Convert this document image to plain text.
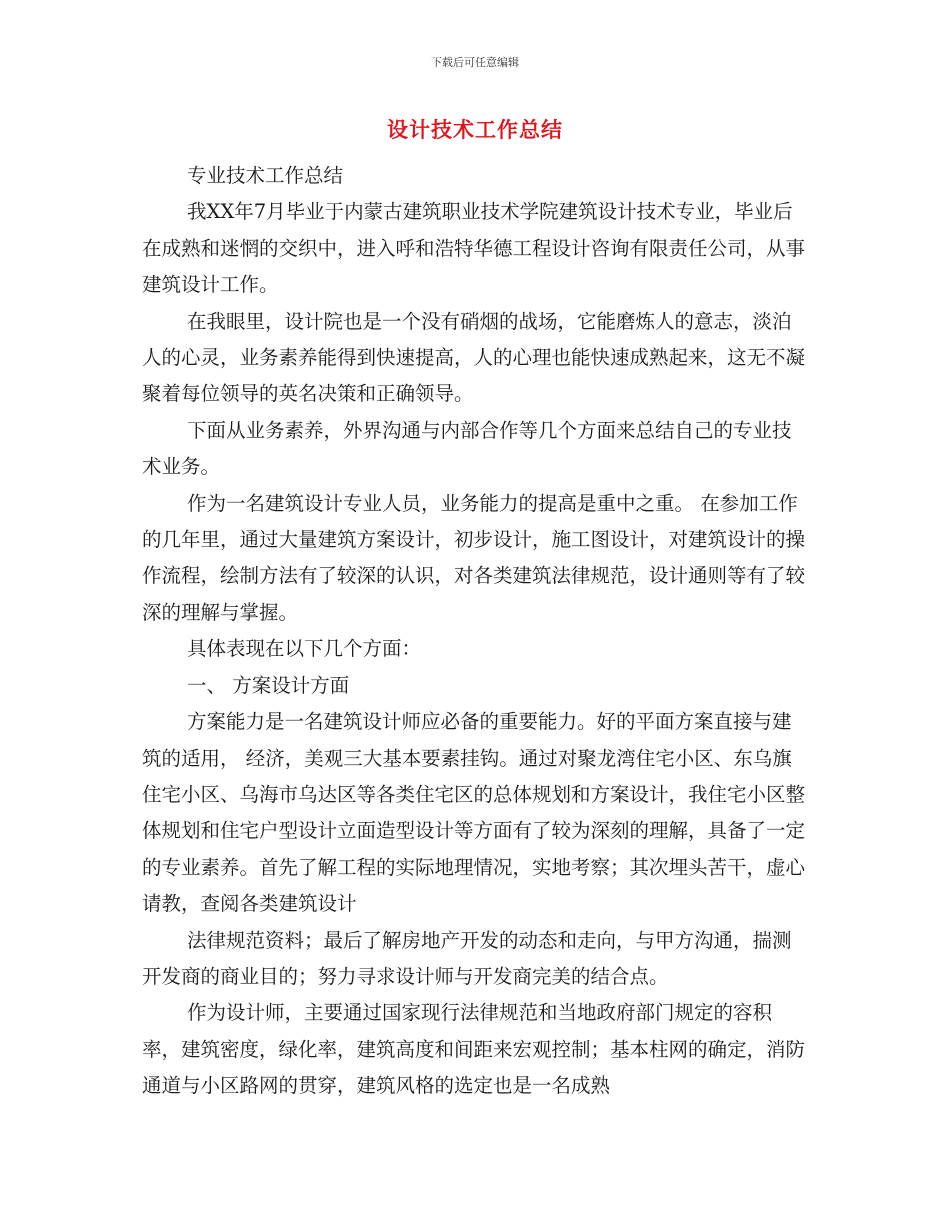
下载后可任意编辑
设计技术工作总结

专业技术工作总结

我XX年7月毕业于内蒙古建筑职业技术学院建筑设计技术专业，毕业后在成熟和迷惘的交织中，进入呼和浩特华德工程设计咨询有限责任公司，从事建筑设计工作。

在我眼里，设计院也是一个没有硝烟的战场，它能磨炼人的意志，淡泊人的心灵，业务素养能得到快速提高，人的心理也能快速成熟起来，这无不凝聚着每位领导的英名决策和正确领导。

下面从业务素养，外界沟通与内部合作等几个方面来总结自己的专业技术业务。

作为一名建筑设计专业人员，业务能力的提高是重中之重。 在参加工作的几年里，通过大量建筑方案设计，初步设计，施工图设计，对建筑设计的操作流程，绘制方法有了较深的认识，对各类建筑法律规范，设计通则等有了较深的理解与掌握。

具体表现在以下几个方面：

一、 方案设计方面

方案能力是一名建筑设计师应必备的重要能力。好的平面方案直接与建筑的适用， 经济，美观三大基本要素挂钩。通过对聚龙湾住宅小区、东乌旗住宅小区、乌海市乌达区等各类住宅区的总体规划和方案设计，我住宅小区整体规划和住宅户型设计立面造型设计等方面有了较为深刻的理解，具备了一定的专业素养。首先了解工程的实际地理情况，实地考察；其次埋头苦干，虚心请教，查阅各类建筑设计

法律规范资料；最后了解房地产开发的动态和走向，与甲方沟通，揣测开发商的商业目的；努力寻求设计师与开发商完美的结合点。

作为设计师，主要通过国家现行法律规范和当地政府部门规定的容积率，建筑密度，绿化率，建筑高度和间距来宏观控制；基本柱网的确定，消防通道与小区路网的贯穿，建筑风格的选定也是一名成熟
